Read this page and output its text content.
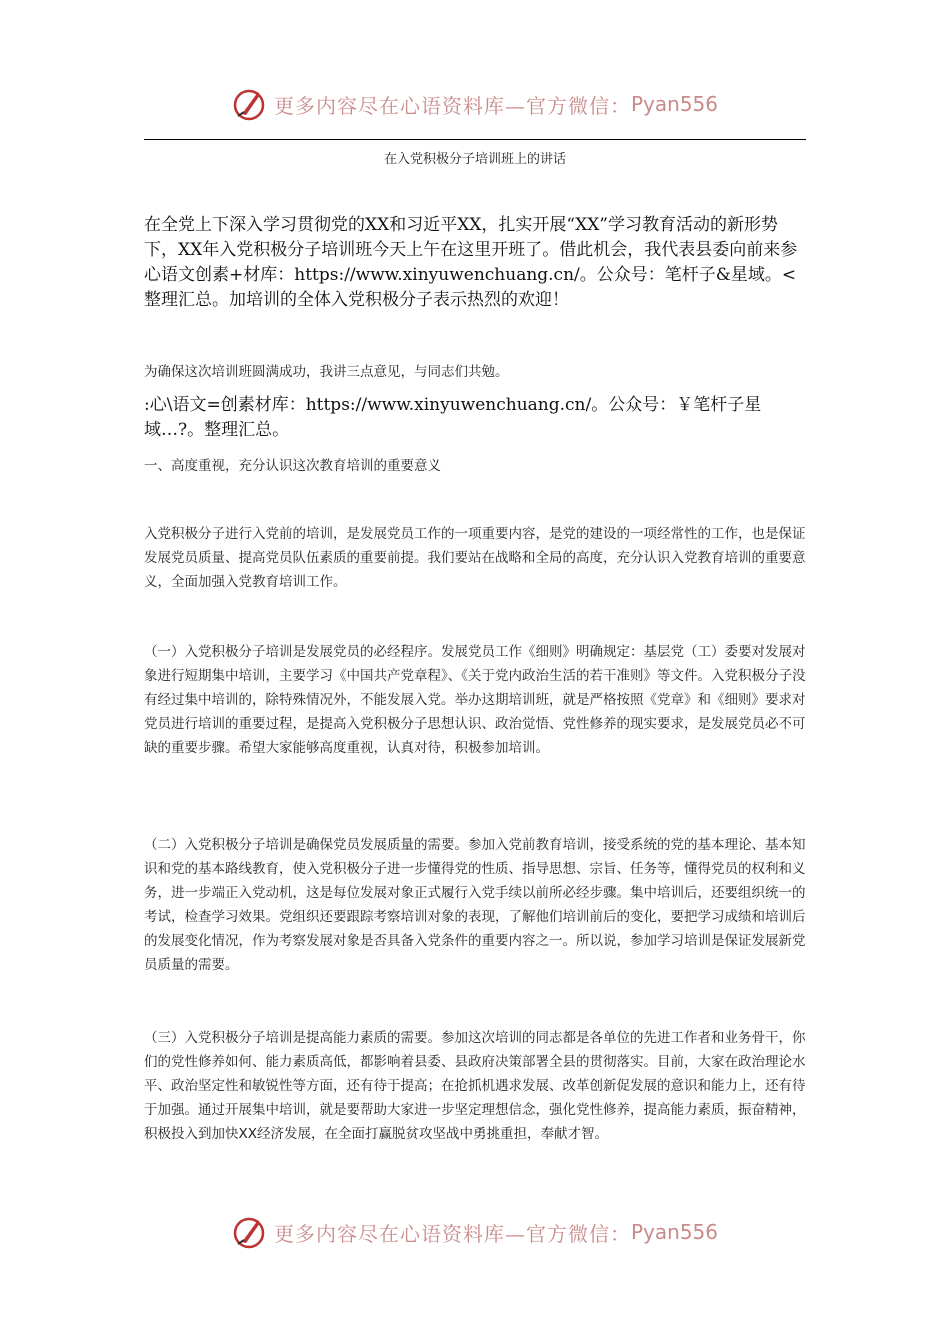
更多内容尽在心语资料库—官方微信： Pyan556
在入党积极分子培训班上的讲话
在全党上下深入学习贯彻党的XX和习近平XX，扎实开展“XX”学习教育活动的新形势下，XX年入党积极分子培训班今天上午在这里开班了。借此机会，我代表县委向前来参心语文创素+材库：https://www.xinyuwenchuang.cn/。公众号：笔杆子&星域。<整理汇总。加培训的全体入党积极分子表示热烈的欢迎！
为确保这次培训班圆满成功，我讲三点意见，与同志们共勉。
:心\语文=创素材库：https://www.xinyuwenchuang.cn/。公众号：￥笔杆子星域…?。整理汇总。
一、高度重视，充分认识这次教育培训的重要意义
入党积极分子进行入党前的培训，是发展党员工作的一项重要内容，是党的建设的一项经常性的工作，也是保证发展党员质量、提高党员队伍素质的重要前提。我们要站在战略和全局的高度，充分认识入党教育培训的重要意义，全面加强入党教育培训工作。
（一）入党积极分子培训是发展党员的必经程序。发展党员工作《细则》明确规定：基层党（工）委要对发展对象进行短期集中培训，主要学习《中国共产党章程》、《关于党内政治生活的若干准则》等文件。入党积极分子没有经过集中培训的，除特殊情况外，不能发展入党。举办这期培训班，就是严格按照《党章》和《细则》要求对党员进行培训的重要过程，是提高入党积极分子思想认识、政治觉悟、党性修养的现实要求，是发展党员必不可缺的重要步骤。希望大家能够高度重视，认真对待，积极参加培训。
（二）入党积极分子培训是确保党员发展质量的需要。参加入党前教育培训，接受系统的党的基本理论、基本知识和党的基本路线教育，使入党积极分子进一步懂得党的性质、指导思想、宗旨、任务等，懂得党员的权利和义务，进一步端正入党动机，这是每位发展对象正式履行入党手续以前所必经步骤。集中培训后，还要组织统一的考试，检查学习效果。党组织还要跟踪考察培训对象的表现，了解他们培训前后的变化，要把学习成绩和培训后的发展变化情况，作为考察发展对象是否具备入党条件的重要内容之一。所以说，参加学习培训是保证发展新党员质量的需要。
（三）入党积极分子培训是提高能力素质的需要。参加这次培训的同志都是各单位的先进工作者和业务骨干，你们的党性修养如何、能力素质高低，都影响着县委、县政府决策部署全县的贯彻落实。目前，大家在政治理论水平、政治坚定性和敏锐性等方面，还有待于提高；在抢抓机遇求发展、改革创新促发展的意识和能力上，还有待于加强。通过开展集中培训，就是要帮助大家进一步坚定理想信念，强化党性修养，提高能力素质，振奋精神，积极投入到加快XX经济发展，在全面打赢脱贫攻坚战中勇挑重担，奉献才智。
更多内容尽在心语资料库—官方微信： Pyan556
